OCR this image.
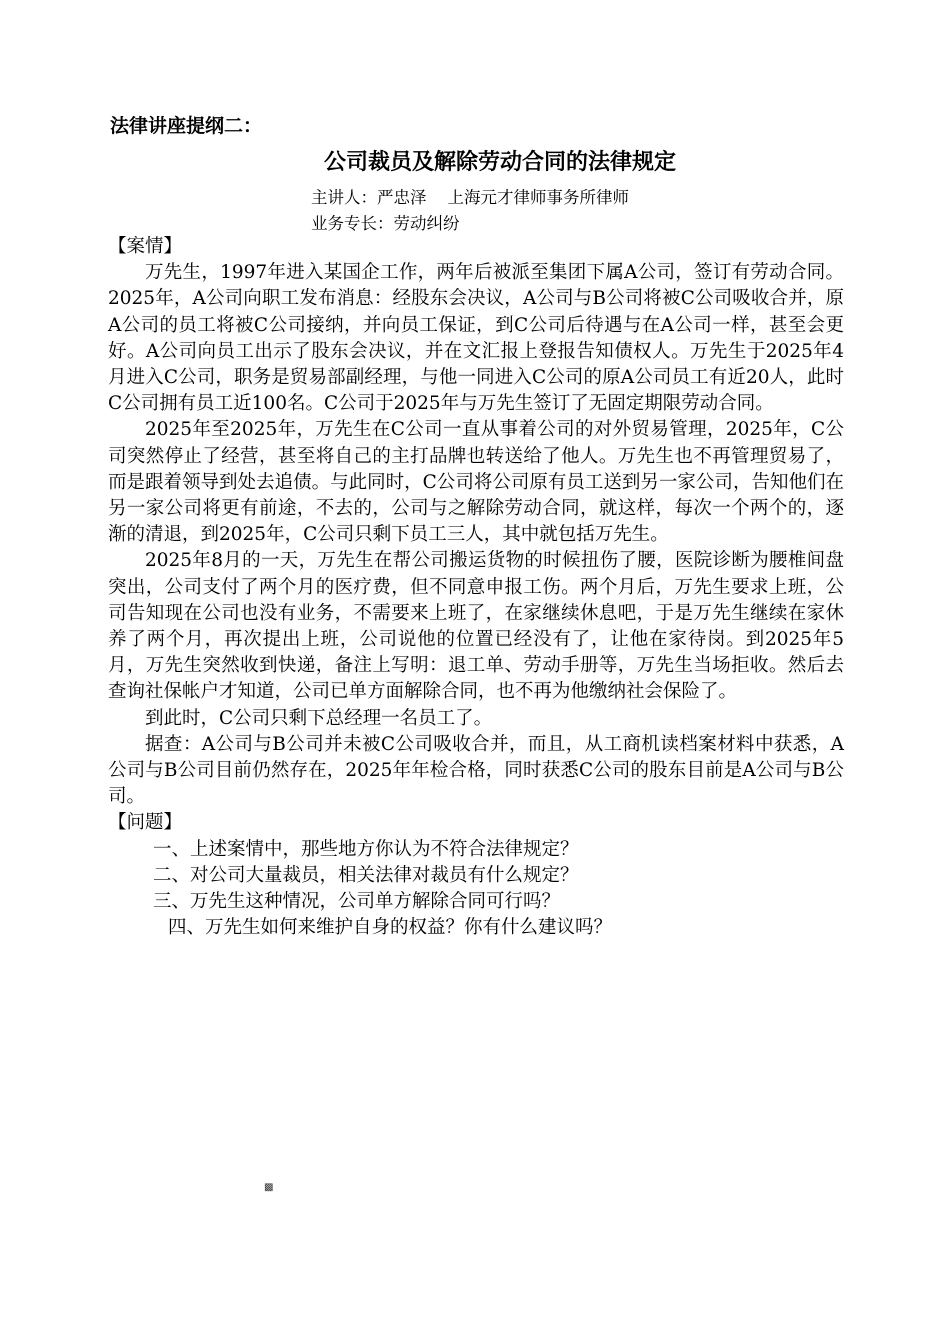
法律讲座提纲二：
公司裁员及解除劳动合同的法律规定
主讲人：严忠泽    上海元才律师事务所律师
业务专长：劳动纠纷

【案情】

万先生，1997年进入某国企工作，两年后被派至集团下属A公司，签订有劳动合同。2025年，A公司向职工发布消息：经股东会决议，A公司与B公司将被C公司吸收合并，原A公司的员工将被C公司接纳，并向员工保证，到C公司后待遇与在A公司一样，甚至会更好。A公司向员工出示了股东会决议，并在文汇报上登报告知债权人。万先生于2025年4月进入C公司，职务是贸易部副经理，与他一同进入C公司的原A公司员工有近20人，此时C公司拥有员工近100名。C公司于2025年与万先生签订了无固定期限劳动合同。

2025年至2025年，万先生在C公司一直从事着公司的对外贸易管理，2025年，C公司突然停止了经营，甚至将自己的主打品牌也转送给了他人。万先生也不再管理贸易了，而是跟着领导到处去追债。与此同时，C公司将公司原有员工送到另一家公司，告知他们在另一家公司将更有前途，不去的，公司与之解除劳动合同，就这样，每次一个两个的，逐渐的清退，到2025年，C公司只剩下员工三人，其中就包括万先生。

2025年8月的一天，万先生在帮公司搬运货物的时候扭伤了腰，医院诊断为腰椎间盘突出，公司支付了两个月的医疗费，但不同意申报工伤。两个月后，万先生要求上班，公司告知现在公司也没有业务，不需要来上班了，在家继续休息吧，于是万先生继续在家休养了两个月，再次提出上班，公司说他的位置已经没有了，让他在家待岗。到2025年5月，万先生突然收到快递，备注上写明：退工单、劳动手册等，万先生当场拒收。然后去查询社保帐户才知道，公司已单方面解除合同，也不再为他缴纳社会保险了。

到此时，C公司只剩下总经理一名员工了。

据查：A公司与B公司并未被C公司吸收合并，而且，从工商机读档案材料中获悉，A公司与B公司目前仍然存在，2025年年检合格，同时获悉C公司的股东目前是A公司与B公司。

【问题】

一、上述案情中，那些地方你认为不符合法律规定？

二、对公司大量裁员，相关法律对裁员有什么规定？

三、万先生这种情况，公司单方解除合同可行吗？

四、万先生如何来维护自身的权益？你有什么建议吗？

▩
